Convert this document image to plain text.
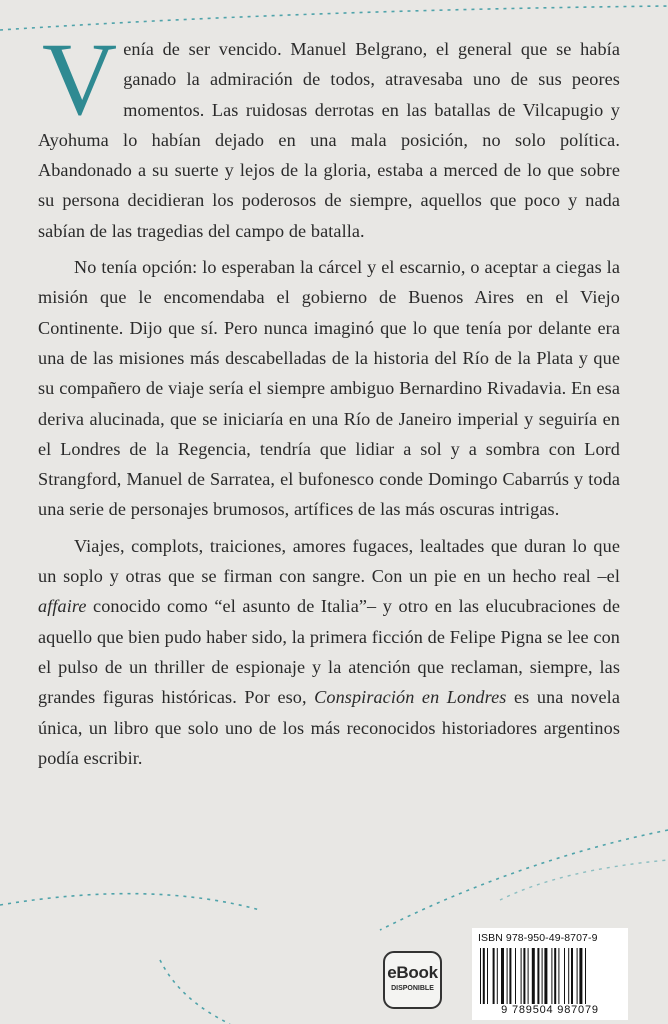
Venía de ser vencido. Manuel Belgrano, el general que se había ganado la admiración de todos, atravesaba uno de sus peores momentos. Las ruidosas derrotas en las batallas de Vilcapugio y Ayohuma lo habían dejado en una mala posición, no solo política. Abandonado a su suerte y lejos de la gloria, estaba a merced de lo que sobre su persona decidieran los poderosos de siempre, aquellos que poco y nada sabían de las tragedias del campo de batalla.

No tenía opción: lo esperaban la cárcel y el escarnio, o aceptar a ciegas la misión que le encomendaba el gobierno de Buenos Aires en el Viejo Continente. Dijo que sí. Pero nunca imaginó que lo que tenía por delante era una de las misiones más descabelladas de la historia del Río de la Plata y que su compañero de viaje sería el siempre ambiguo Bernardino Rivadavia. En esa deriva alucinada, que se iniciaría en una Río de Janeiro imperial y seguiría en el Londres de la Regencia, tendría que lidiar a sol y a sombra con Lord Strangford, Manuel de Sarratea, el bufonesco conde Domingo Cabarrús y toda una serie de personajes brumosos, artífices de las más oscuras intrigas.

Viajes, complots, traiciones, amores fugaces, lealtades que duran lo que un soplo y otras que se firman con sangre. Con un pie en un hecho real –el affaire conocido como “el asunto de Italia”– y otro en las elucubraciones de aquello que bien pudo haber sido, la primera ficción de Felipe Pigna se lee con el pulso de un thriller de espionaje y la atención que reclaman, siempre, las grandes figuras históricas. Por eso, Conspiración en Londres es una novela única, un libro que solo uno de los más reconocidos historiadores argentinos podía escribir.

eBook
DISPONIBLE
ISBN 978-950-49-8707-9
9 789504 987079
